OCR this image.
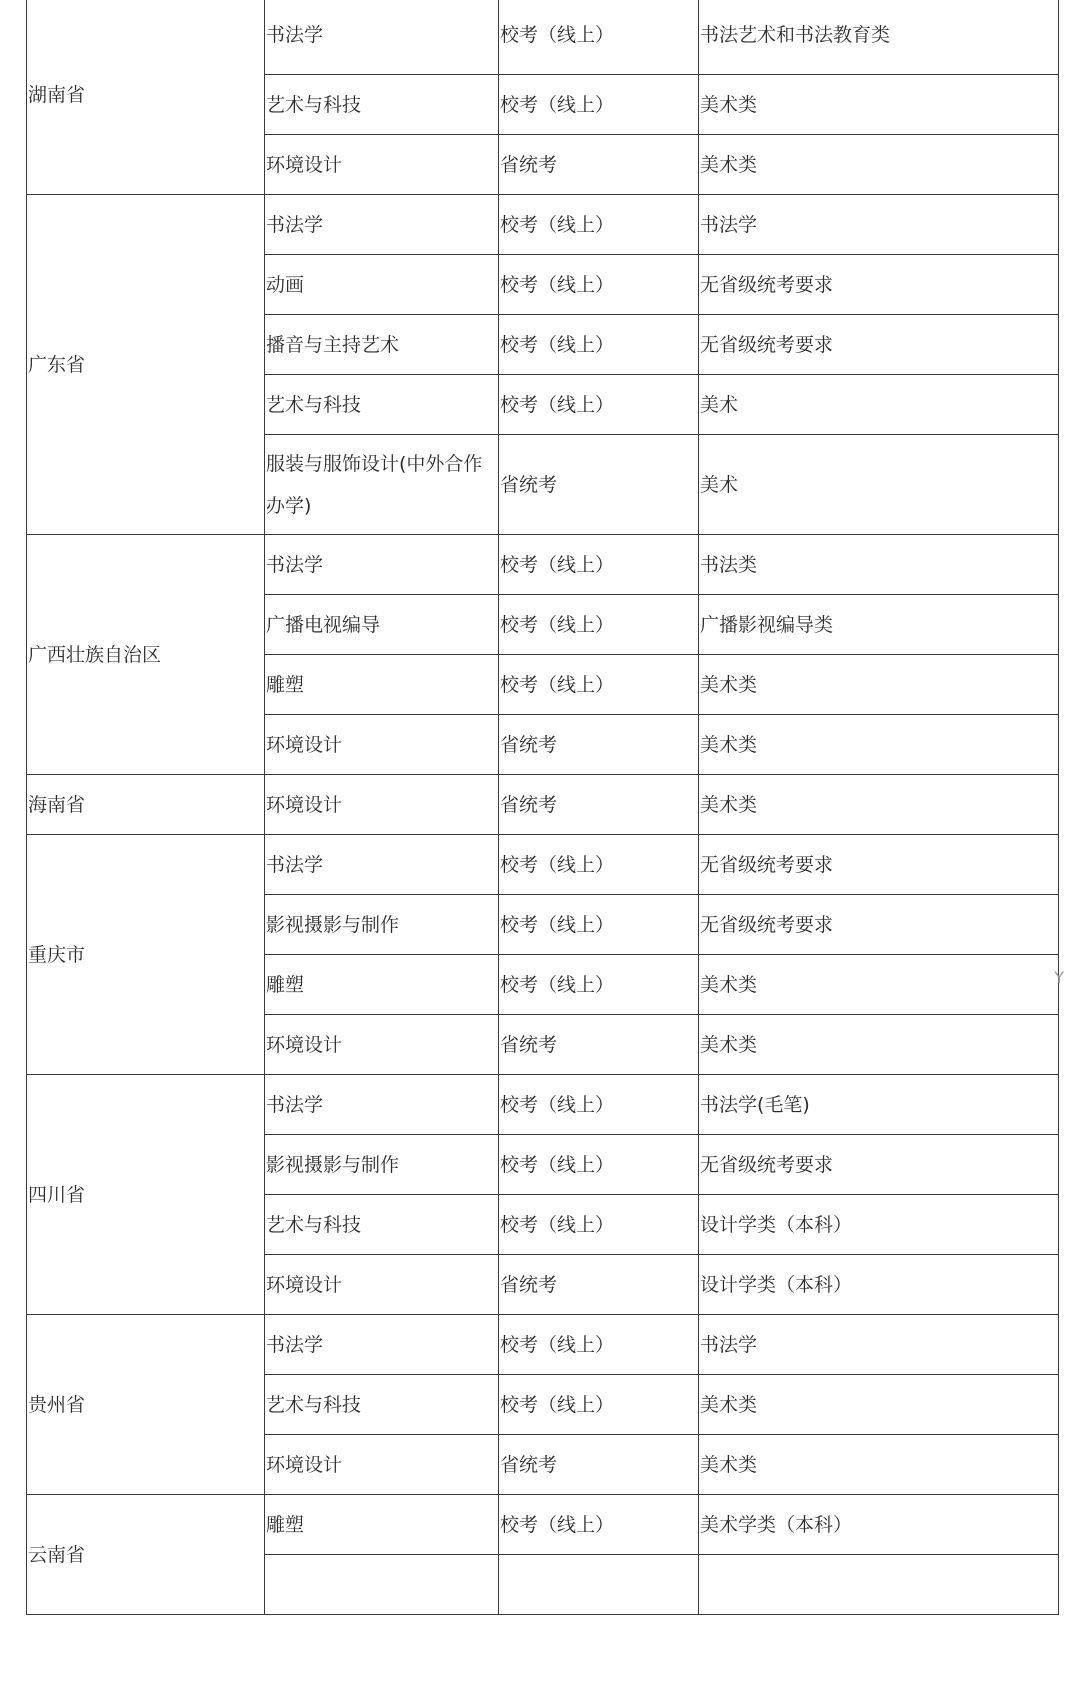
湖南省	书法学	校考（线上）	书法艺术和书法教育类
	艺术与科技	校考（线上）	美术类
	环境设计	省统考	美术类
广东省	书法学	校考（线上）	书法学
	动画	校考（线上）	无省级统考要求
	播音与主持艺术	校考（线上）	无省级统考要求
	艺术与科技	校考（线上）	美术
	服装与服饰设计(中外合作办学)	省统考	美术
广西壮族自治区	书法学	校考（线上）	书法类
	广播电视编导	校考（线上）	广播影视编导类
	雕塑	校考（线上）	美术类
	环境设计	省统考	美术类
海南省	环境设计	省统考	美术类
重庆市	书法学	校考（线上）	无省级统考要求
	影视摄影与制作	校考（线上）	无省级统考要求
	雕塑	校考（线上）	美术类
	环境设计	省统考	美术类
四川省	书法学	校考（线上）	书法学(毛笔)
	影视摄影与制作	校考（线上）	无省级统考要求
	艺术与科技	校考（线上）	设计学类（本科）
	环境设计	省统考	设计学类（本科）
贵州省	书法学	校考（线上）	书法学
	艺术与科技	校考（线上）	美术类
	环境设计	省统考	美术类
云南省	雕塑	校考（线上）	美术学类（本科）

Y
